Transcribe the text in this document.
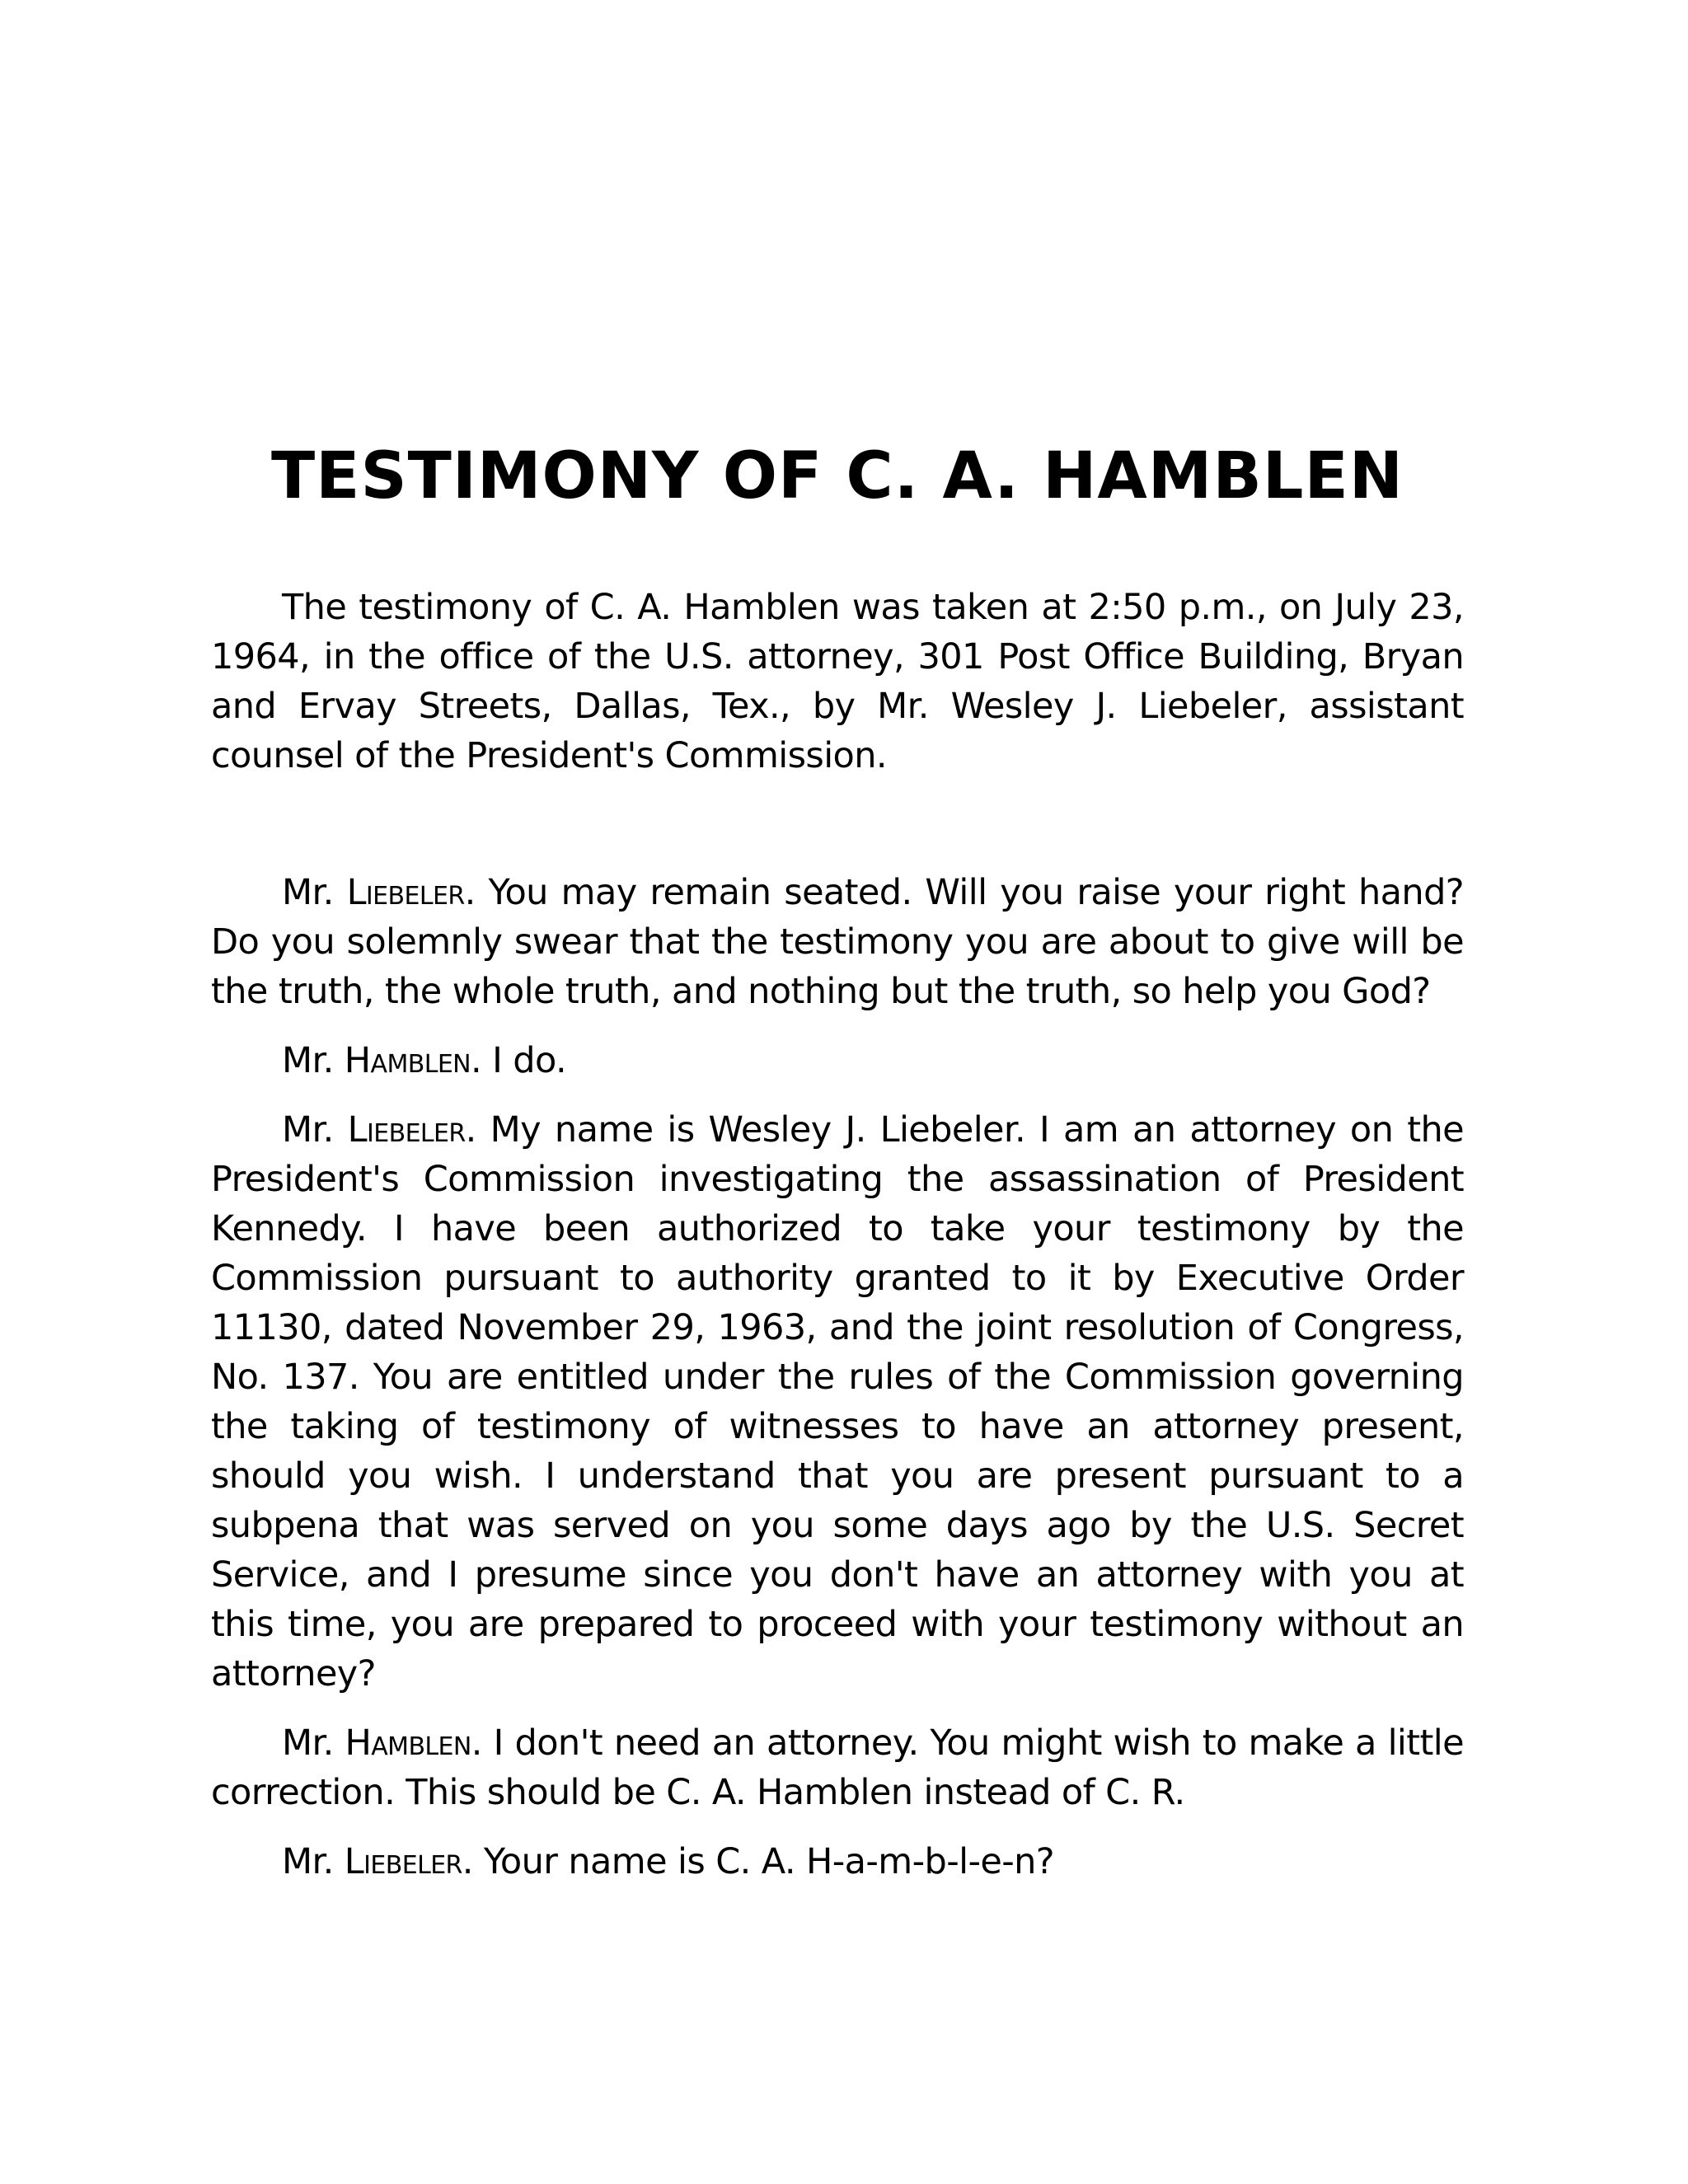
TESTIMONY OF C. A. HAMBLEN

The testimony of C. A. Hamblen was taken at 2:50 p.m., on July 23, 1964, in the office of the U.S. attorney, 301 Post Office Building, Bryan and Ervay Streets, Dallas, Tex., by Mr. Wesley J. Liebeler, assistant counsel of the President's Commission.

Mr. Liebeler. You may remain seated. Will you raise your right hand? Do you solemnly swear that the testimony you are about to give will be the truth, the whole truth, and nothing but the truth, so help you God?

Mr. Hamblen. I do.

Mr. Liebeler. My name is Wesley J. Liebeler. I am an attorney on the President's Commission investigating the assassination of President Kennedy. I have been authorized to take your testimony by the Commission pursuant to authority granted to it by Executive Order 11130, dated November 29, 1963, and the joint resolution of Congress, No. 137. You are entitled under the rules of the Commission governing the taking of testimony of witnesses to have an attorney present, should you wish. I understand that you are present pursuant to a subpena that was served on you some days ago by the U.S. Secret Service, and I presume since you don't have an attorney with you at this time, you are prepared to proceed with your testimony without an attorney?

Mr. Hamblen. I don't need an attorney. You might wish to make a little correction. This should be C. A. Hamblen instead of C. R.

Mr. Liebeler. Your name is C. A. H-a-m-b-l-e-n?
